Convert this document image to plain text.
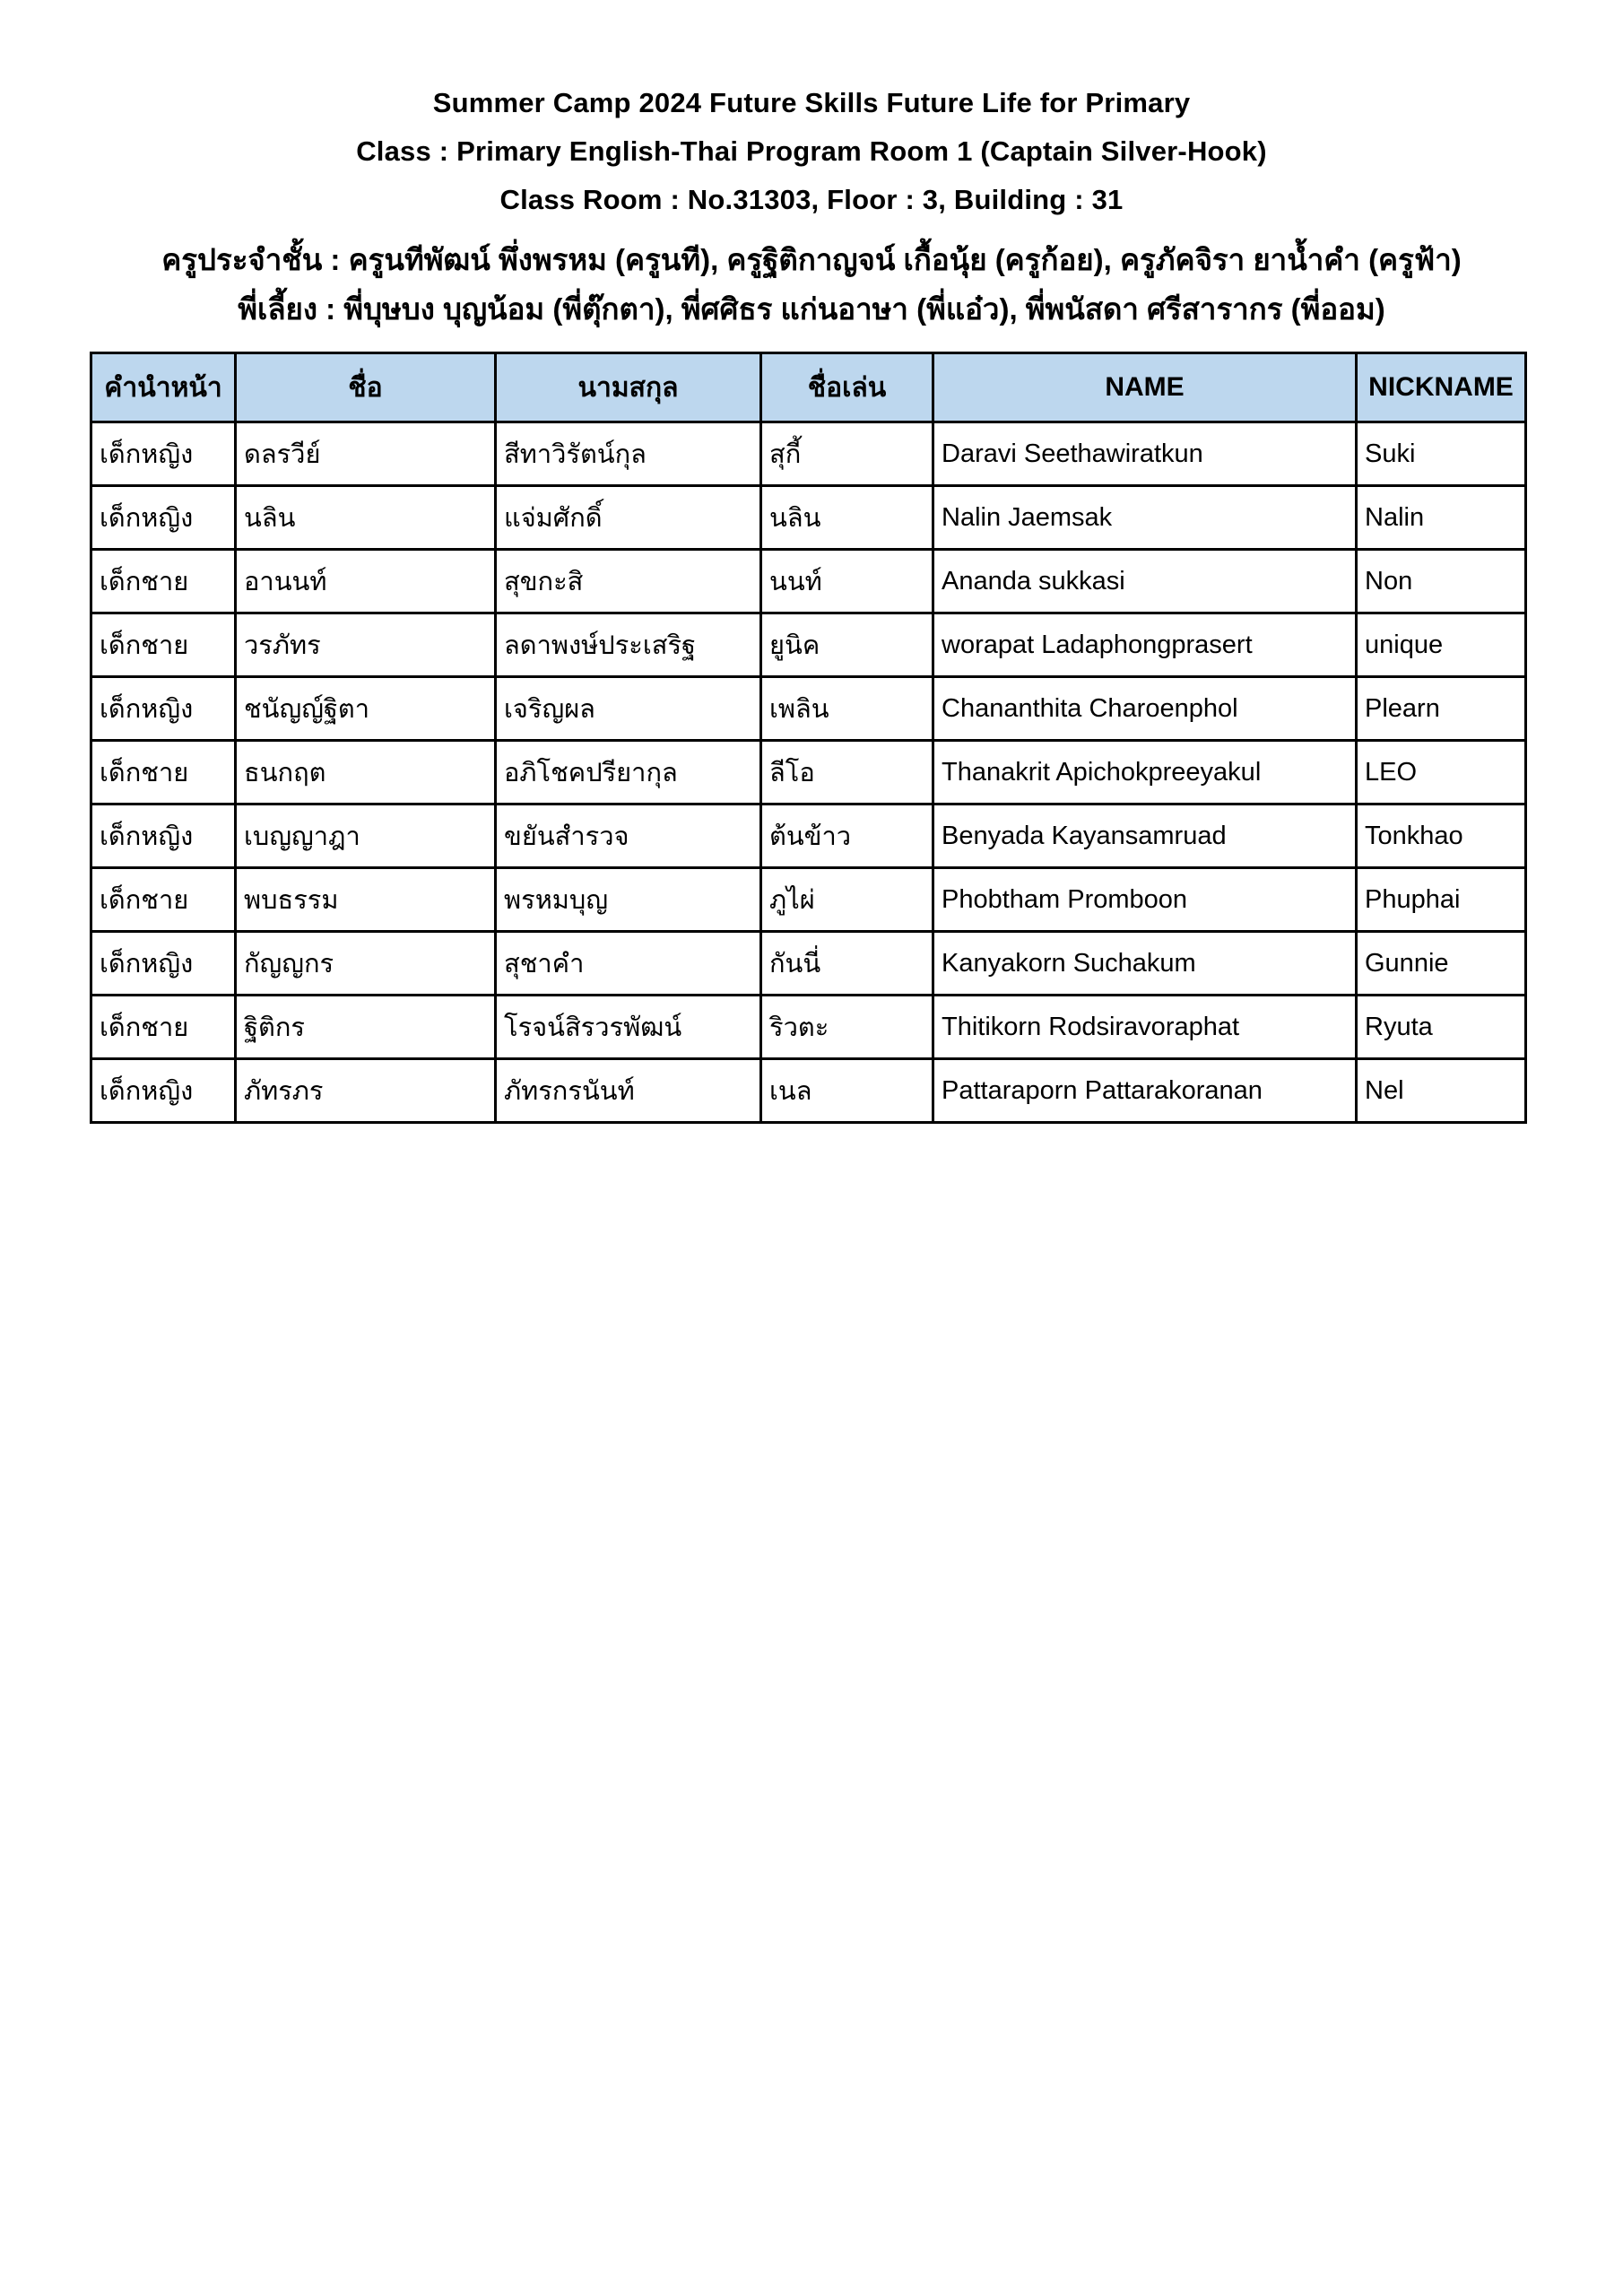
Summer Camp 2024 Future Skills Future Life for Primary
Class : Primary English-Thai Program Room 1 (Captain Silver-Hook)
Class Room : No.31303, Floor : 3, Building : 31
ครูประจำชั้น : ครูนทีพัฒน์ พึ่งพรหม (ครูนที), ครูฐิติกาญจน์ เกื้อนุ้ย (ครูก้อย), ครูภัคจิรา ยาน้ำคำ (ครูฟ้า)
พี่เลี้ยง : พี่บุษบง บุญน้อม (พี่ตุ๊กตา), พี่ศศิธร แก่นอาษา (พี่แอ๋ว), พี่พนัสดา ศรีสารากร (พี่ออม)
คำนำหน้า	ชื่อ	นามสกุล	ชื่อเล่น	NAME	NICKNAME
เด็กหญิง	ดลรวีย์	สีทาวิรัตน์กุล	สุกี้	Daravi Seethawiratkun	Suki
เด็กหญิง	นลิน	แจ่มศักดิ์	นลิน	Nalin Jaemsak	Nalin
เด็กชาย	อานนท์	สุขกะสิ	นนท์	Ananda sukkasi	Non
เด็กชาย	วรภัทร	ลดาพงษ์ประเสริฐ	ยูนิค	worapat Ladaphongprasert	unique
เด็กหญิง	ชนัญญ์ฐิตา	เจริญผล	เพลิน	Chananthita Charoenphol	Plearn
เด็กชาย	ธนกฤต	อภิโชคปรียากุล	ลีโอ	Thanakrit Apichokpreeyakul	LEO
เด็กหญิง	เบญญาฎา	ขยันสำรวจ	ต้นข้าว	Benyada Kayansamruad	Tonkhao
เด็กชาย	พบธรรม	พรหมบุญ	ภูไผ่	Phobtham Promboon	Phuphai
เด็กหญิง	กัญญกร	สุชาคำ	กันนี่	Kanyakorn Suchakum	Gunnie
เด็กชาย	ฐิติกร	โรจน์สิรวรพัฒน์	ริวตะ	Thitikorn Rodsiravoraphat	Ryuta
เด็กหญิง	ภัทรภร	ภัทรกรนันท์	เนล	Pattaraporn Pattarakoranan	Nel
